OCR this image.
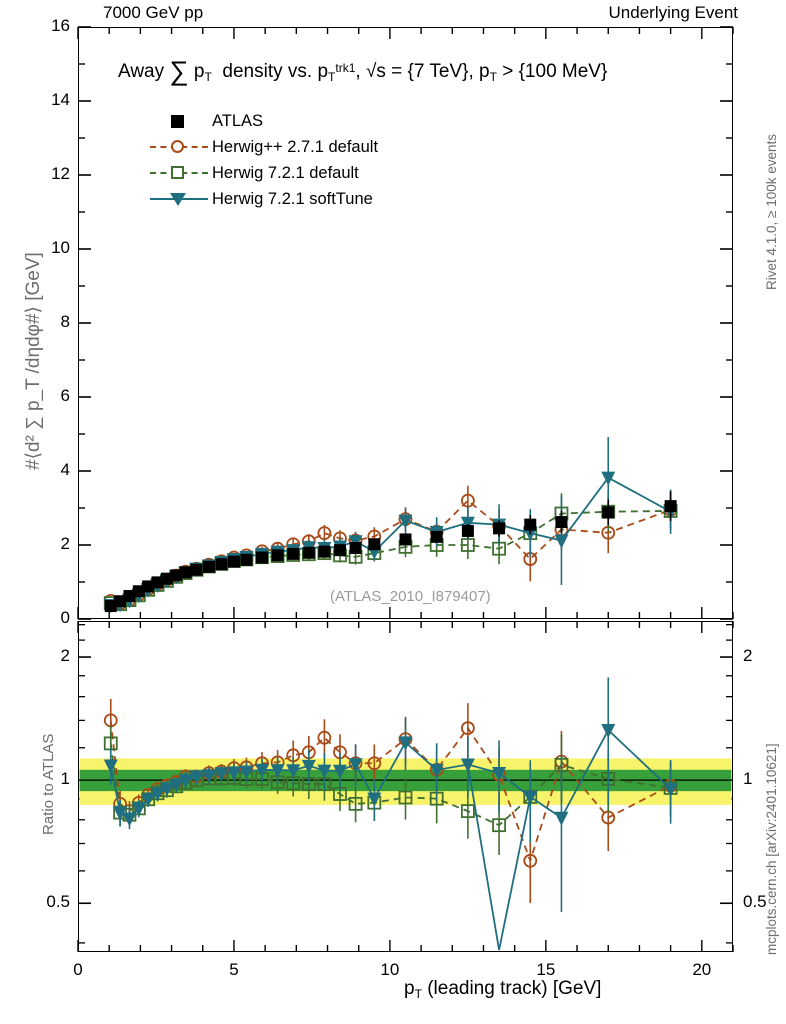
7000 GeV pp	Underlying Event
Rivet 4.1.0, ≥ 100k events
mcplots.cern.ch [arXiv:2401.10621]
#⟨d² ∑ p_T /dηdφ#⟩ [GeV]
Ratio to ATLAS
$p_T$ (leading track) [GeV]
Away ∑ $p_T$  density vs. $p_T^{trk1}$, √s = {7 TeV}, $p_T > \{100$ MeV}
(ATLAS_2010_I879407)
ATLAS
Herwig++ 2.7.1 default
Herwig 7.2.1 default
Herwig 7.2.1 softTune
0
2
4
6
8
10
12
14
16
0.5	0.5
1	1
2	2
0	5	10	15	20
